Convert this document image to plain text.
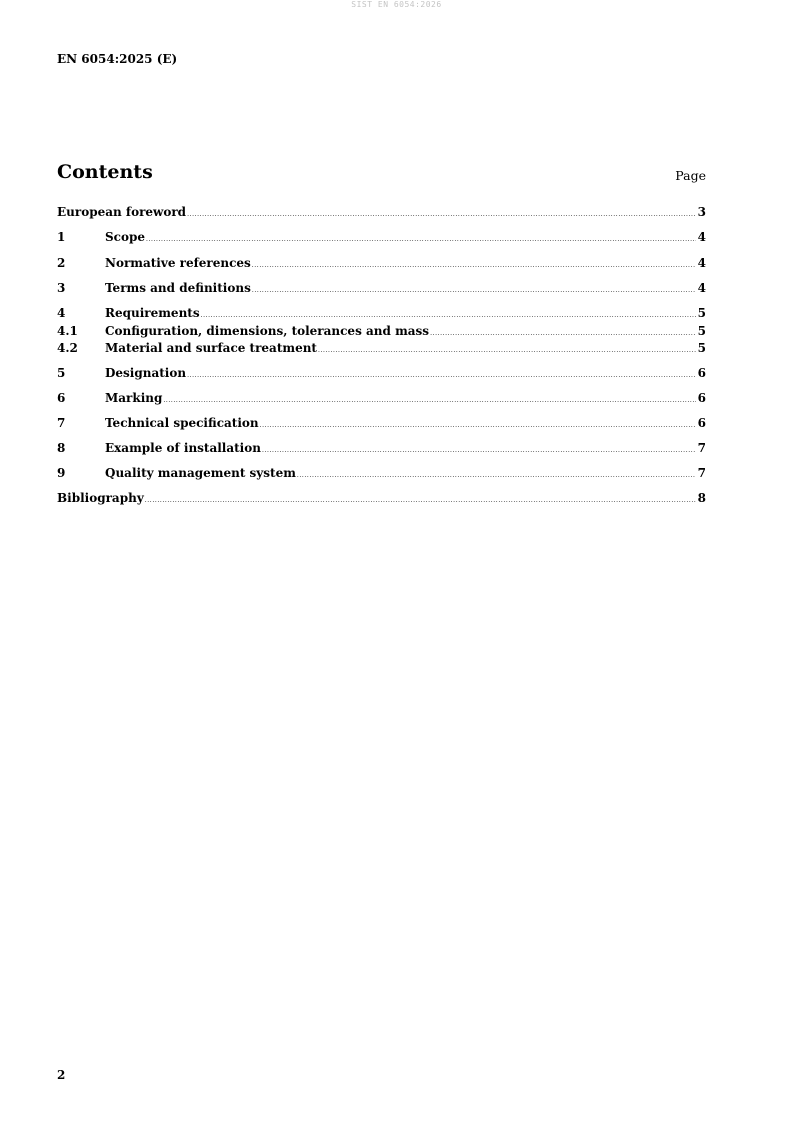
SIST EN 6054:2026
EN 6054:2025 (E)
Contents	Page
European foreword .....	3
1	Scope .....	4
2	Normative references .....	4
3	Terms and definitions .....	4
4	Requirements .....	5
4.1	Configuration, dimensions, tolerances and mass .....	5
4.2	Material and surface treatment .....	5
5	Designation .....	6
6	Marking .....	6
7	Technical specification .....	6
8	Example of installation .....	7
9	Quality management system .....	7
Bibliography .....	8
2
